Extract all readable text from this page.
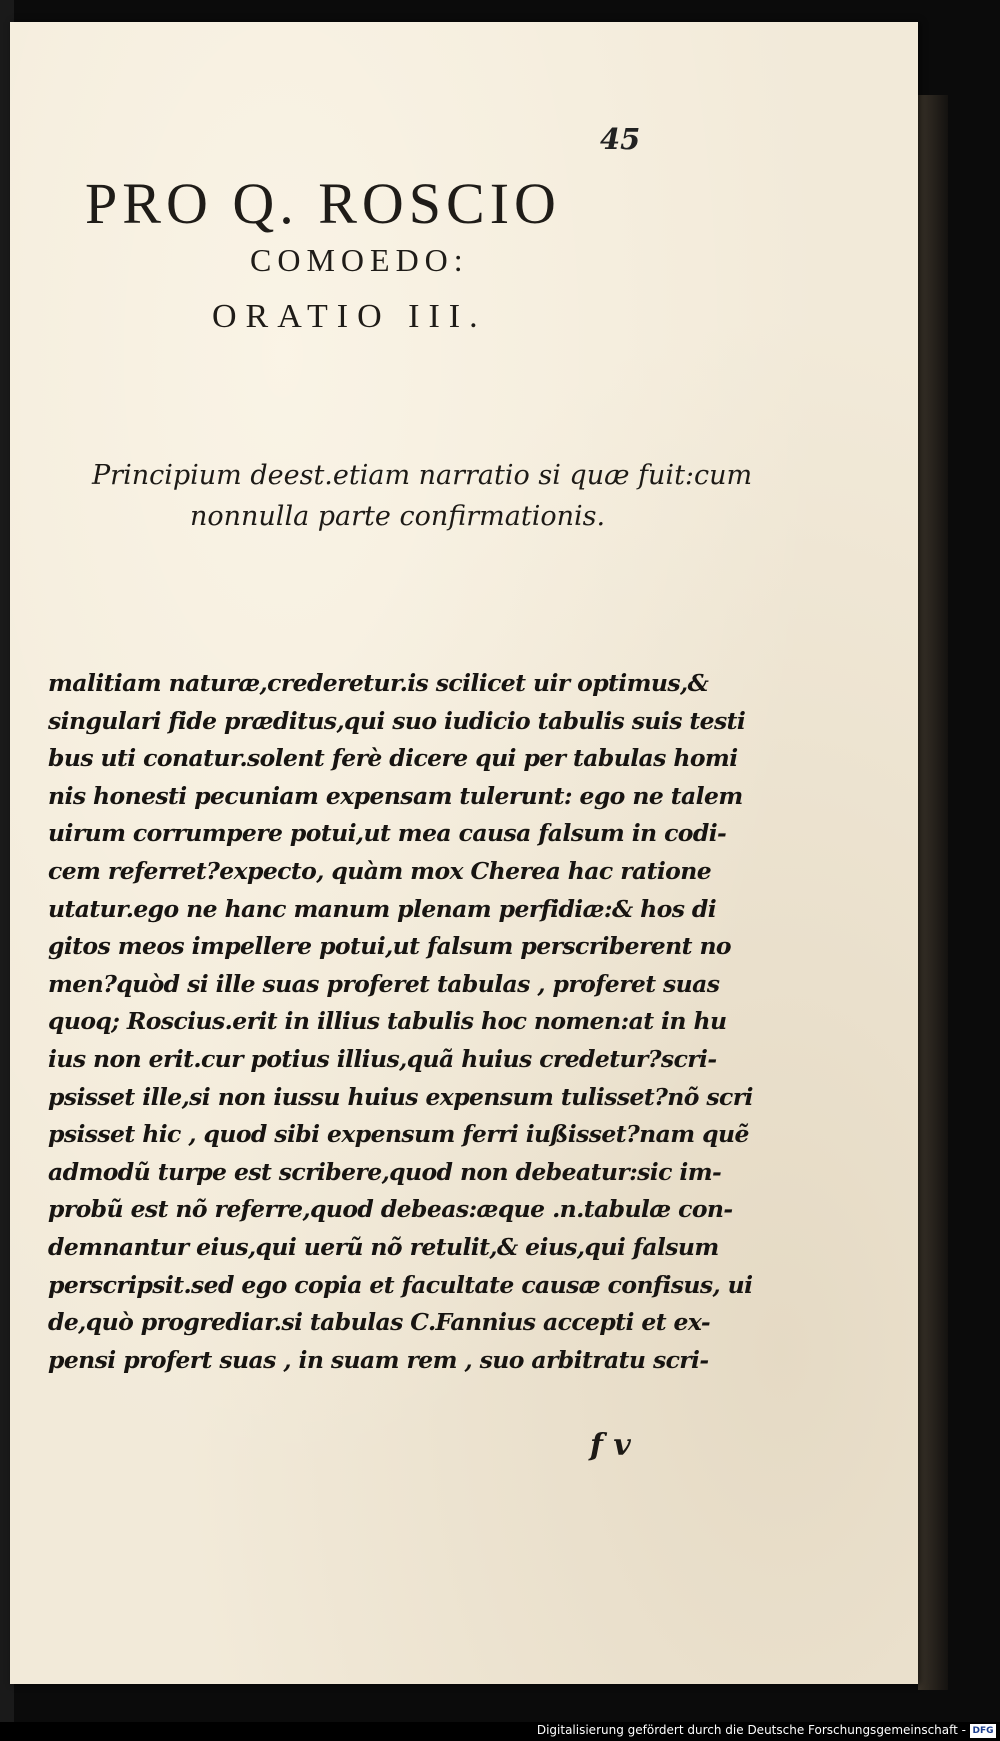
45
PRO Q. ROSCIO
COMOEDO:
ORATIO III.
Principium deest.etiam narratio si quæ fuit:cum
nonnulla parte confirmationis.
malitiam naturæ,crederetur.is scilicet uir optimus,&
singulari fide præditus,qui suo iudicio tabulis suis testi
bus uti conatur.solent ferè dicere qui per tabulas homi
nis honesti pecuniam expensam tulerunt: ego ne talem
uirum corrumpere potui,ut mea causa falsum in codi-
cem referret?expecto, quàm mox Cherea hac ratione
utatur.ego ne hanc manum plenam perfidiæ:& hos di
gitos meos impellere potui,ut falsum perscriberent no
men?quòd si ille suas proferet tabulas , proferet suas
quoq; Roscius.erit in illius tabulis hoc nomen:at in hu
ius non erit.cur potius illius,quã huius credetur?scri-
psisset ille,si non iussu huius expensum tulisset?nõ scri
psisset hic , quod sibi expensum ferri iußisset?nam quẽ
admodũ turpe est scribere,quod non debeatur:sic im-
probũ est nõ referre,quod debeas:æque .n.tabulæ con-
demnantur eius,qui uerũ nõ retulit,& eius,qui falsum
perscripsit.sed ego copia et facultate causæ confisus, ui
de,quò progrediar.si tabulas C.Fannius accepti et ex-
pensi profert suas , in suam rem , suo arbitratu scri-
f v
Digitalisierung gefördert durch die Deutsche Forschungsgemeinschaft - DFG
